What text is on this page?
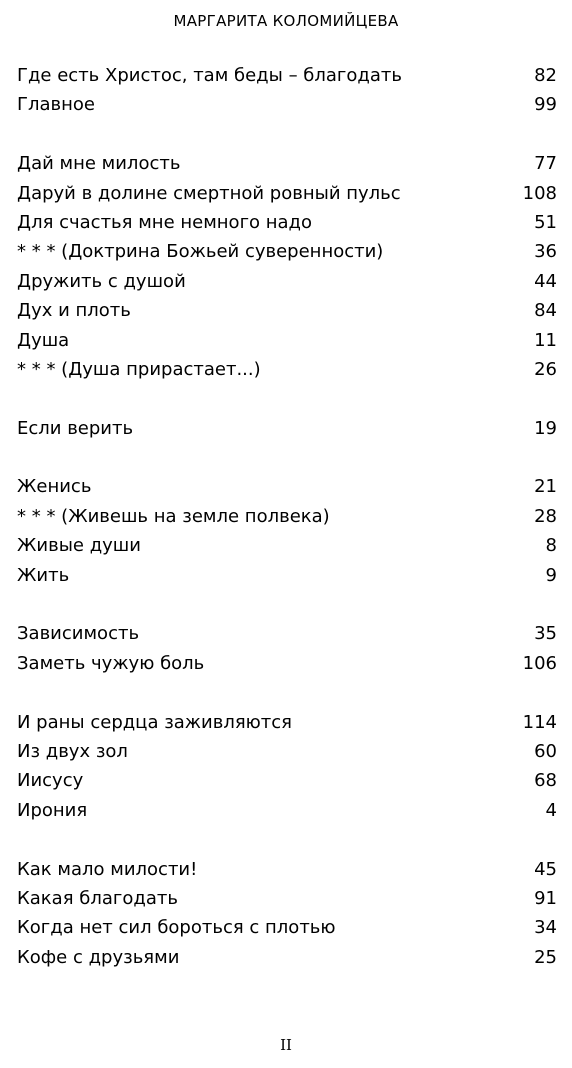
МАРГАРИТА КОЛОМИЙЦЕВА
Где есть Христос, там беды – благодать	82
Главное	99
Дай мне милость	77
Даруй в долине смертной ровный пульс	108
Для счастья мне немного надо	51
* * * (Доктрина Божьей суверенности)	36
Дружить с душой	44
Дух и плоть	84
Душа	11
* * * (Душа прирастает...)	26
Если верить	19
Женись	21
* * * (Живешь на земле полвека)	28
Живые души	8
Жить	9
Зависимость	35
Заметь чужую боль	106
И раны сердца заживляются	114
Из двух зол	60
Иисусу	68
Ирония	4
Как мало милости!	45
Какая благодать	91
Когда нет сил бороться с плотью	34
Кофе с друзьями	25
II
